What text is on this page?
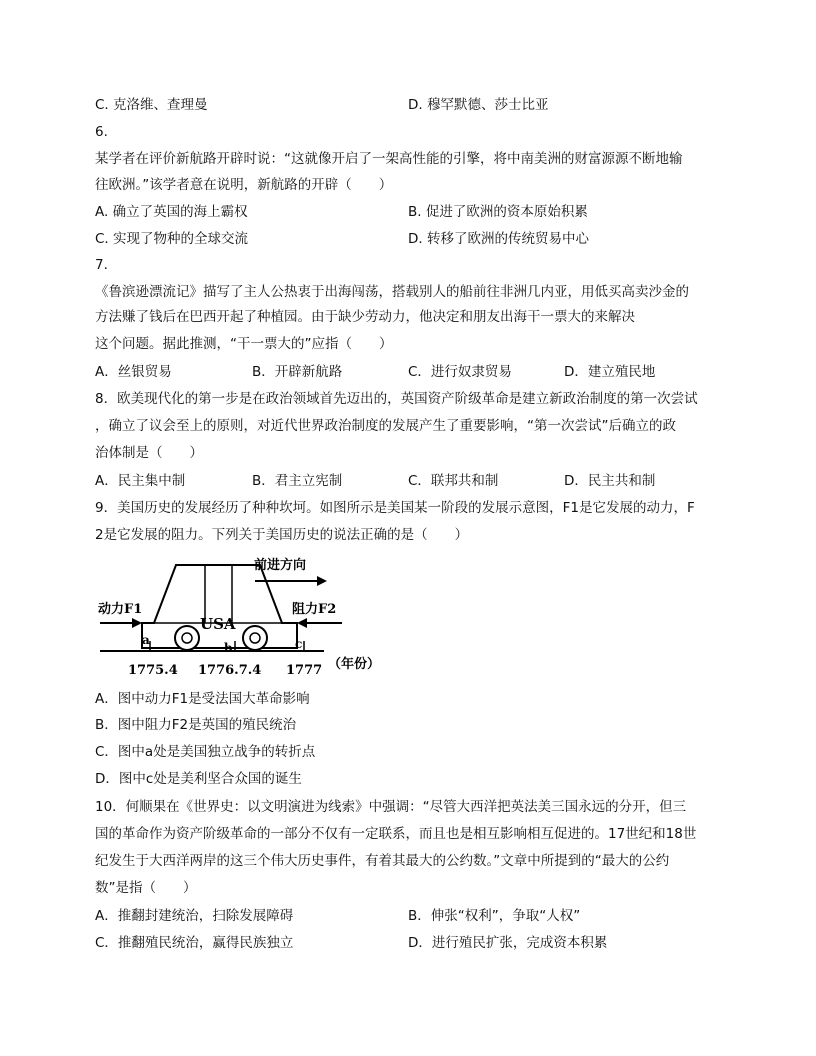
C. 克洛维、查理曼	D. 穆罕默德、莎士比亚
6.
某学者在评价新航路开辟时说：“这就像开启了一架高性能的引擎，将中南美洲的财富源源不断地输
往欧洲。”该学者意在说明，新航路的开辟（　　）
A. 确立了英国的海上霸权	B. 促进了欧洲的资本原始积累
C. 实现了物种的全球交流	D. 转移了欧洲的传统贸易中心
7.
《鲁滨逊漂流记》描写了主人公热衷于出海闯荡，搭载别人的船前往非洲几内亚，用低买高卖沙金的
方法赚了钱后在巴西开起了种植园。由于缺少劳动力，他决定和朋友出海干一票大的来解决
这个问题。据此推测，“干一票大的”应指（　　）
A．丝银贸易	B．开辟新航路	C．进行奴隶贸易	D．建立殖民地
8．欧美现代化的第一步是在政治领域首先迈出的，英国资产阶级革命是建立新政治制度的第一次尝试
，确立了议会至上的原则，对近代世界政治制度的发展产生了重要影响，“第一次尝试”后确立的政
治体制是（　　）
A．民主集中制	B．君主立宪制	C．联邦共和制	D．民主共和制
9．美国历史的发展经历了种种坎坷。如图所示是美国某一阶段的发展示意图，F1是它发展的动力，F
2是它发展的阻力。下列关于美国历史的说法正确的是（　　）
USA
前进方向
动力F1	阻力F2
a
b	c
1775.4 1776.7.4 1777 （年份）
A．图中动力F1是受法国大革命影响
B．图中阻力F2是英国的殖民统治
C．图中a处是美国独立战争的转折点
D．图中c处是美利坚合众国的诞生
10．何顺果在《世界史：以文明演进为线索》中强调：“尽管大西洋把英法美三国永远的分开，但三
国的革命作为资产阶级革命的一部分不仅有一定联系，而且也是相互影响相互促进的。17世纪和18世
纪发生于大西洋两岸的这三个伟大历史事件，有着其最大的公约数。”文章中所提到的“最大的公约
数”是指（　　）
A．推翻封建统治，扫除发展障碍	B．伸张“权利”，争取“人权”
C．推翻殖民统治，赢得民族独立	D．进行殖民扩张，完成资本积累
